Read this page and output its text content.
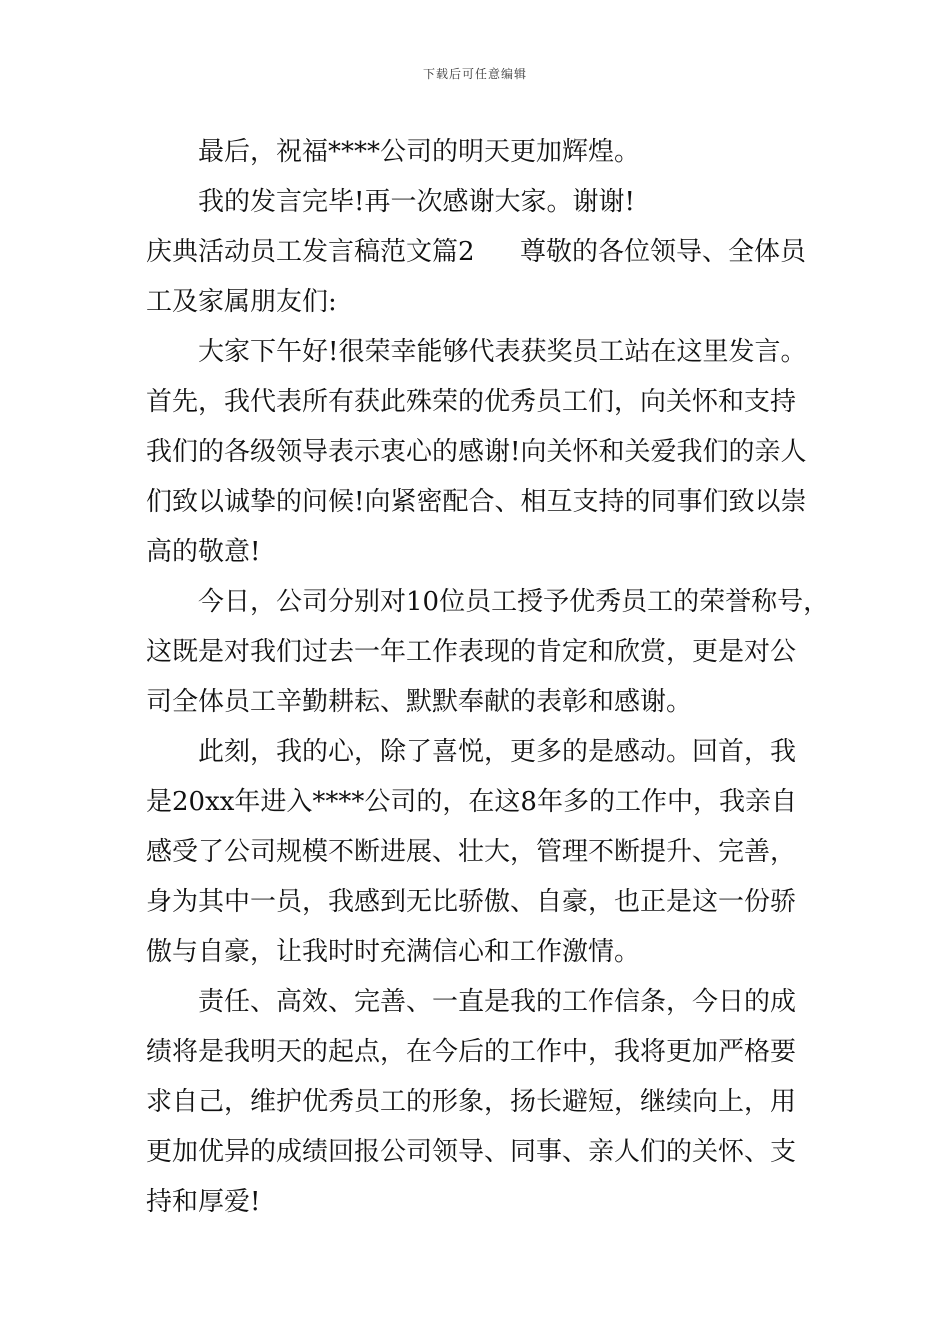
下载后可任意编辑
最后，祝福****公司的明天更加辉煌。
我的发言完毕!再一次感谢大家。谢谢!
庆典活动员工发言稿范文篇2	尊敬的各位领导、全体员
工及家属朋友们:
大家下午好!很荣幸能够代表获奖员工站在这里发言。
首先，我代表所有获此殊荣的优秀员工们，向关怀和支持
我们的各级领导表示衷心的感谢!向关怀和关爱我们的亲人
们致以诚挚的问候!向紧密配合、相互支持的同事们致以崇
高的敬意!
今日，公司分别对10位员工授予优秀员工的荣誉称号，
这既是对我们过去一年工作表现的肯定和欣赏，更是对公
司全体员工辛勤耕耘、默默奉献的表彰和感谢。
此刻，我的心，除了喜悦，更多的是感动。回首，我
是20xx年进入****公司的，在这8年多的工作中，我亲自
感受了公司规模不断进展、壮大，管理不断提升、完善，
身为其中一员，我感到无比骄傲、自豪，也正是这一份骄
傲与自豪，让我时时充满信心和工作激情。
责任、高效、完善、一直是我的工作信条，今日的成
绩将是我明天的起点，在今后的工作中，我将更加严格要
求自己，维护优秀员工的形象，扬长避短，继续向上，用
更加优异的成绩回报公司领导、同事、亲人们的关怀、支
持和厚爱!
